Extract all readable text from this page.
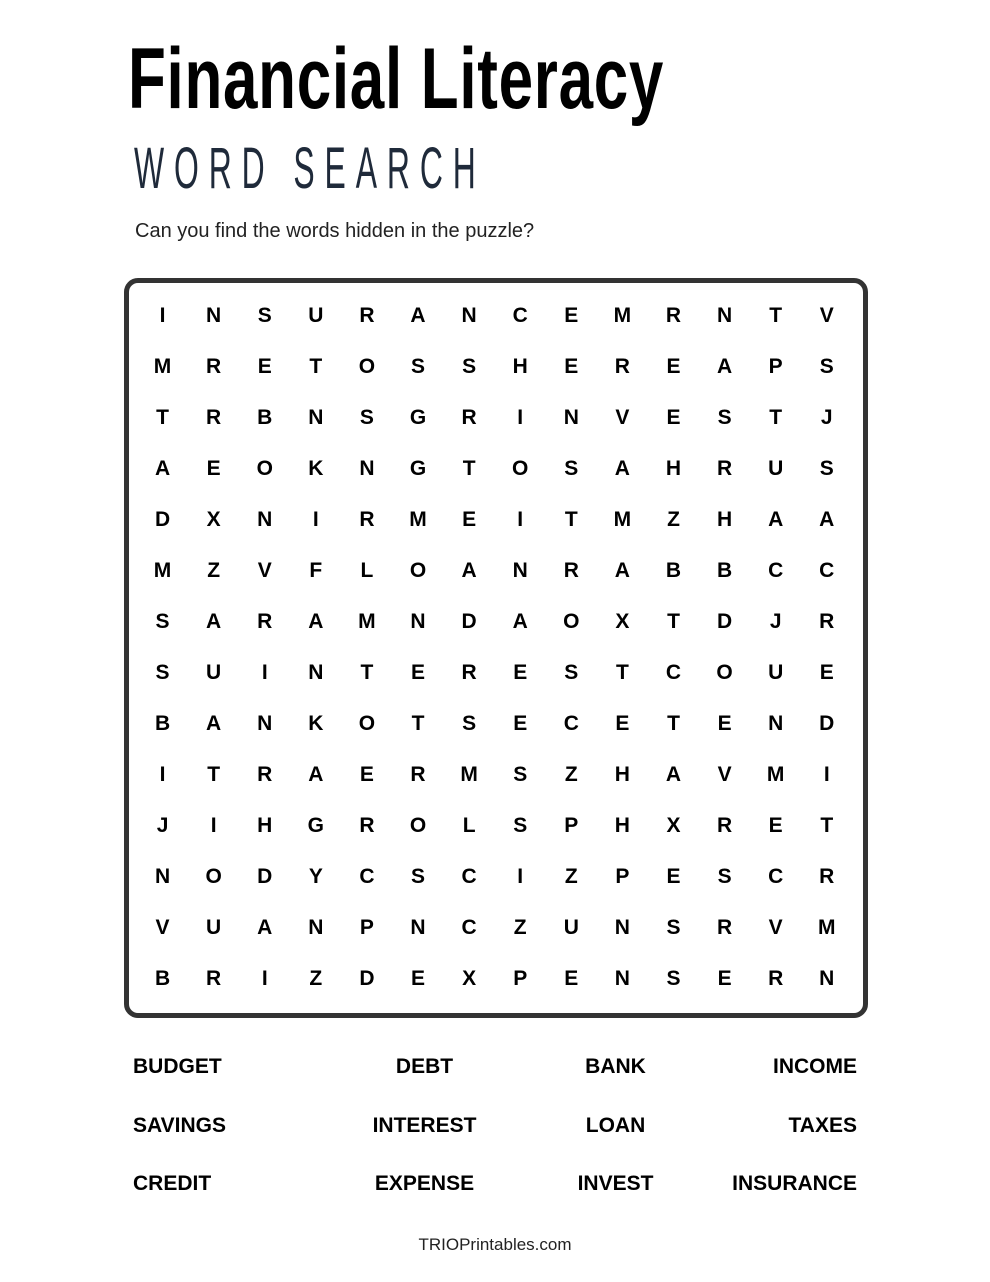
Financial Literacy
WORD SEARCH
Can you find the words hidden in the puzzle?
I	N	S	U	R	A	N	C	E	M	R	N	T	V
M	R	E	T	O	S	S	H	E	R	E	A	P	S
T	R	B	N	S	G	R	I	N	V	E	S	T	J
A	E	O	K	N	G	T	O	S	A	H	R	U	S
D	X	N	I	R	M	E	I	T	M	Z	H	A	A
M	Z	V	F	L	O	A	N	R	A	B	B	C	C
S	A	R	A	M	N	D	A	O	X	T	D	J	R
S	U	I	N	T	E	R	E	S	T	C	O	U	E
B	A	N	K	O	T	S	E	C	E	T	E	N	D
I	T	R	A	E	R	M	S	Z	H	A	V	M	I
J	I	H	G	R	O	L	S	P	H	X	R	E	T
N	O	D	Y	C	S	C	I	Z	P	E	S	C	R
V	U	A	N	P	N	C	Z	U	N	S	R	V	M
B	R	I	Z	D	E	X	P	E	N	S	E	R	N
BUDGET	DEBT	BANK	INCOME
SAVINGS	INTEREST	LOAN	TAXES
CREDIT	EXPENSE	INVEST	INSURANCE
TRIOPrintables.com
